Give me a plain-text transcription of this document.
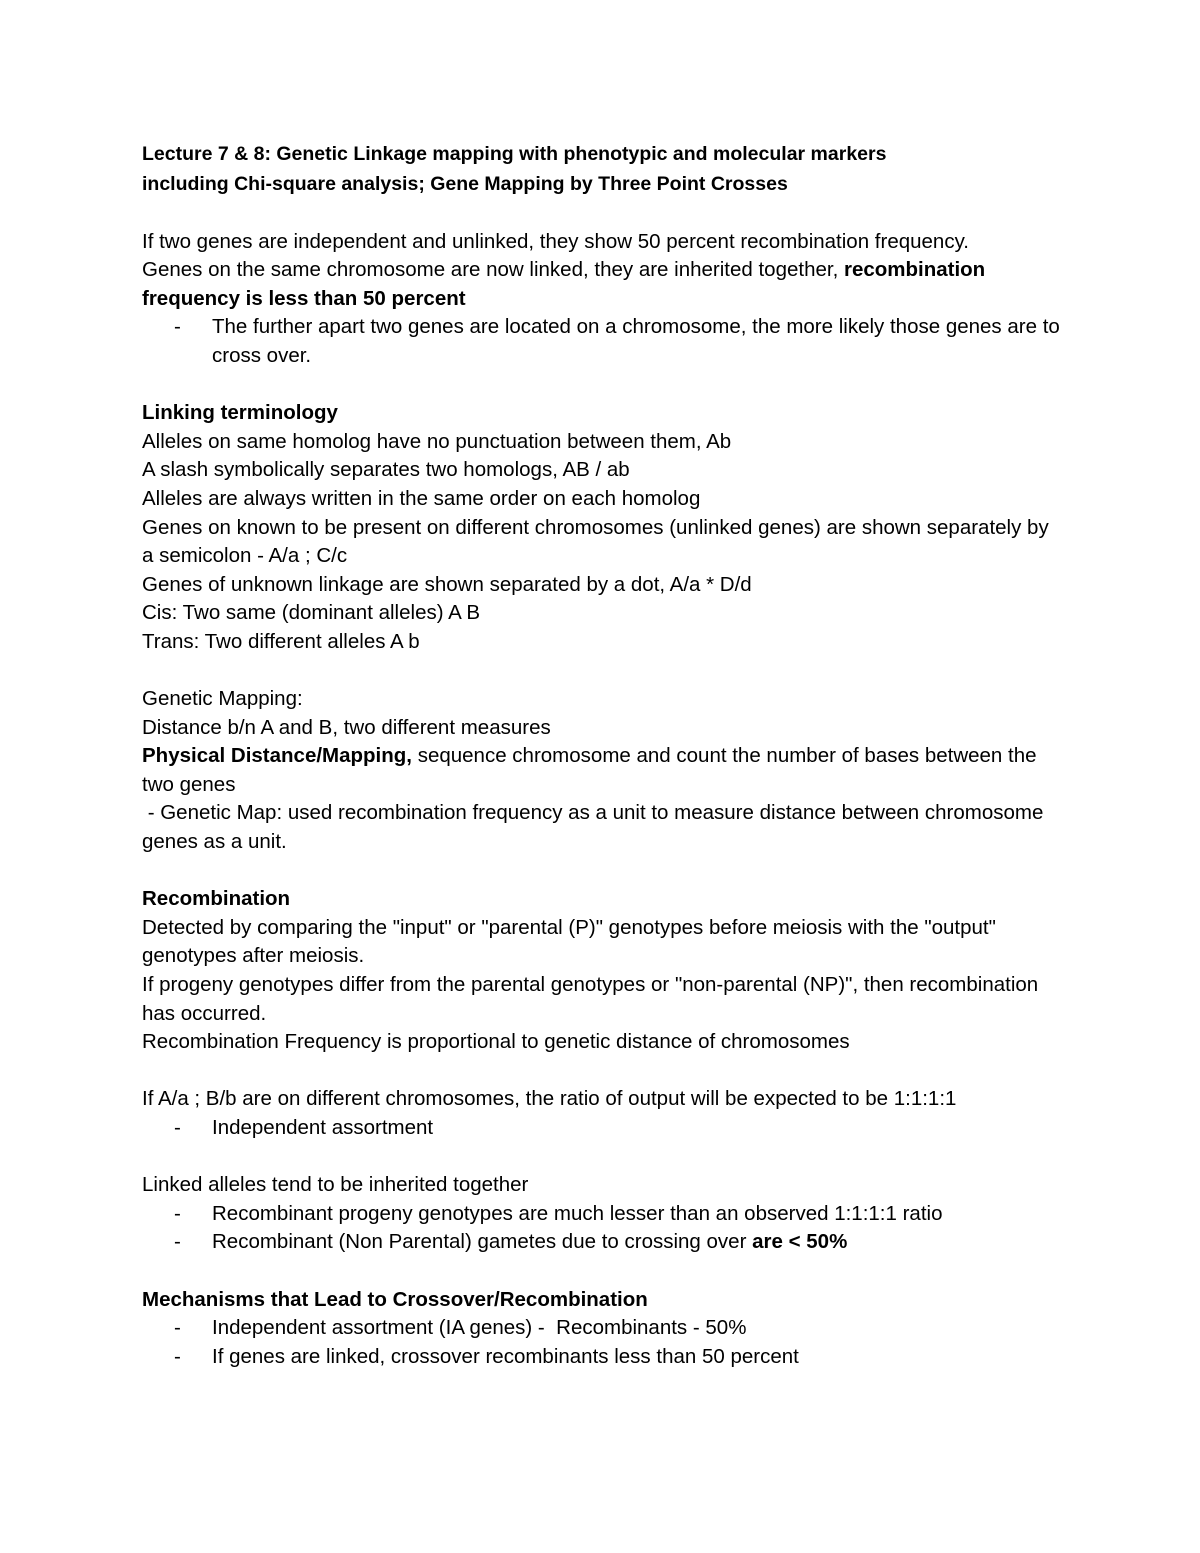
Lecture 7 & 8: Genetic Linkage mapping with phenotypic and molecular markers
including Chi-square analysis; Gene Mapping by Three Point Crosses

If two genes are independent and unlinked, they show 50 percent recombination frequency.

Genes on the same chromosome are now linked, they are inherited together, recombination frequency is less than 50 percent

- The further apart two genes are located on a chromosome, the more likely those genes are to cross over.

Linking terminology

Alleles on same homolog have no punctuation between them, Ab

A slash symbolically separates two homologs, AB / ab

Alleles are always written in the same order on each homolog

Genes on known to be present on different chromosomes (unlinked genes) are shown separately by a semicolon - A/a ; C/c

Genes of unknown linkage are shown separated by a dot, A/a * D/d

Cis: Two same (dominant alleles) A B

Trans: Two different alleles A b

Genetic Mapping:

Distance b/n A and B, two different measures

Physical Distance/Mapping, sequence chromosome and count the number of bases between the two genes

- Genetic Map: used recombination frequency as a unit to measure distance between chromosome genes as a unit.

Recombination

Detected by comparing the "input" or "parental (P)" genotypes before meiosis with the "output" genotypes after meiosis.

If progeny genotypes differ from the parental genotypes or "non-parental (NP)", then recombination has occurred.

Recombination Frequency is proportional to genetic distance of chromosomes

If A/a ; B/b are on different chromosomes, the ratio of output will be expected to be 1:1:1:1

- Independent assortment

Linked alleles tend to be inherited together

- Recombinant progeny genotypes are much lesser than an observed 1:1:1:1 ratio
- Recombinant (Non Parental) gametes due to crossing over are < 50%

Mechanisms that Lead to Crossover/Recombination

- Independent assortment (IA genes) -  Recombinants - 50%
- If genes are linked, crossover recombinants less than 50 percent
